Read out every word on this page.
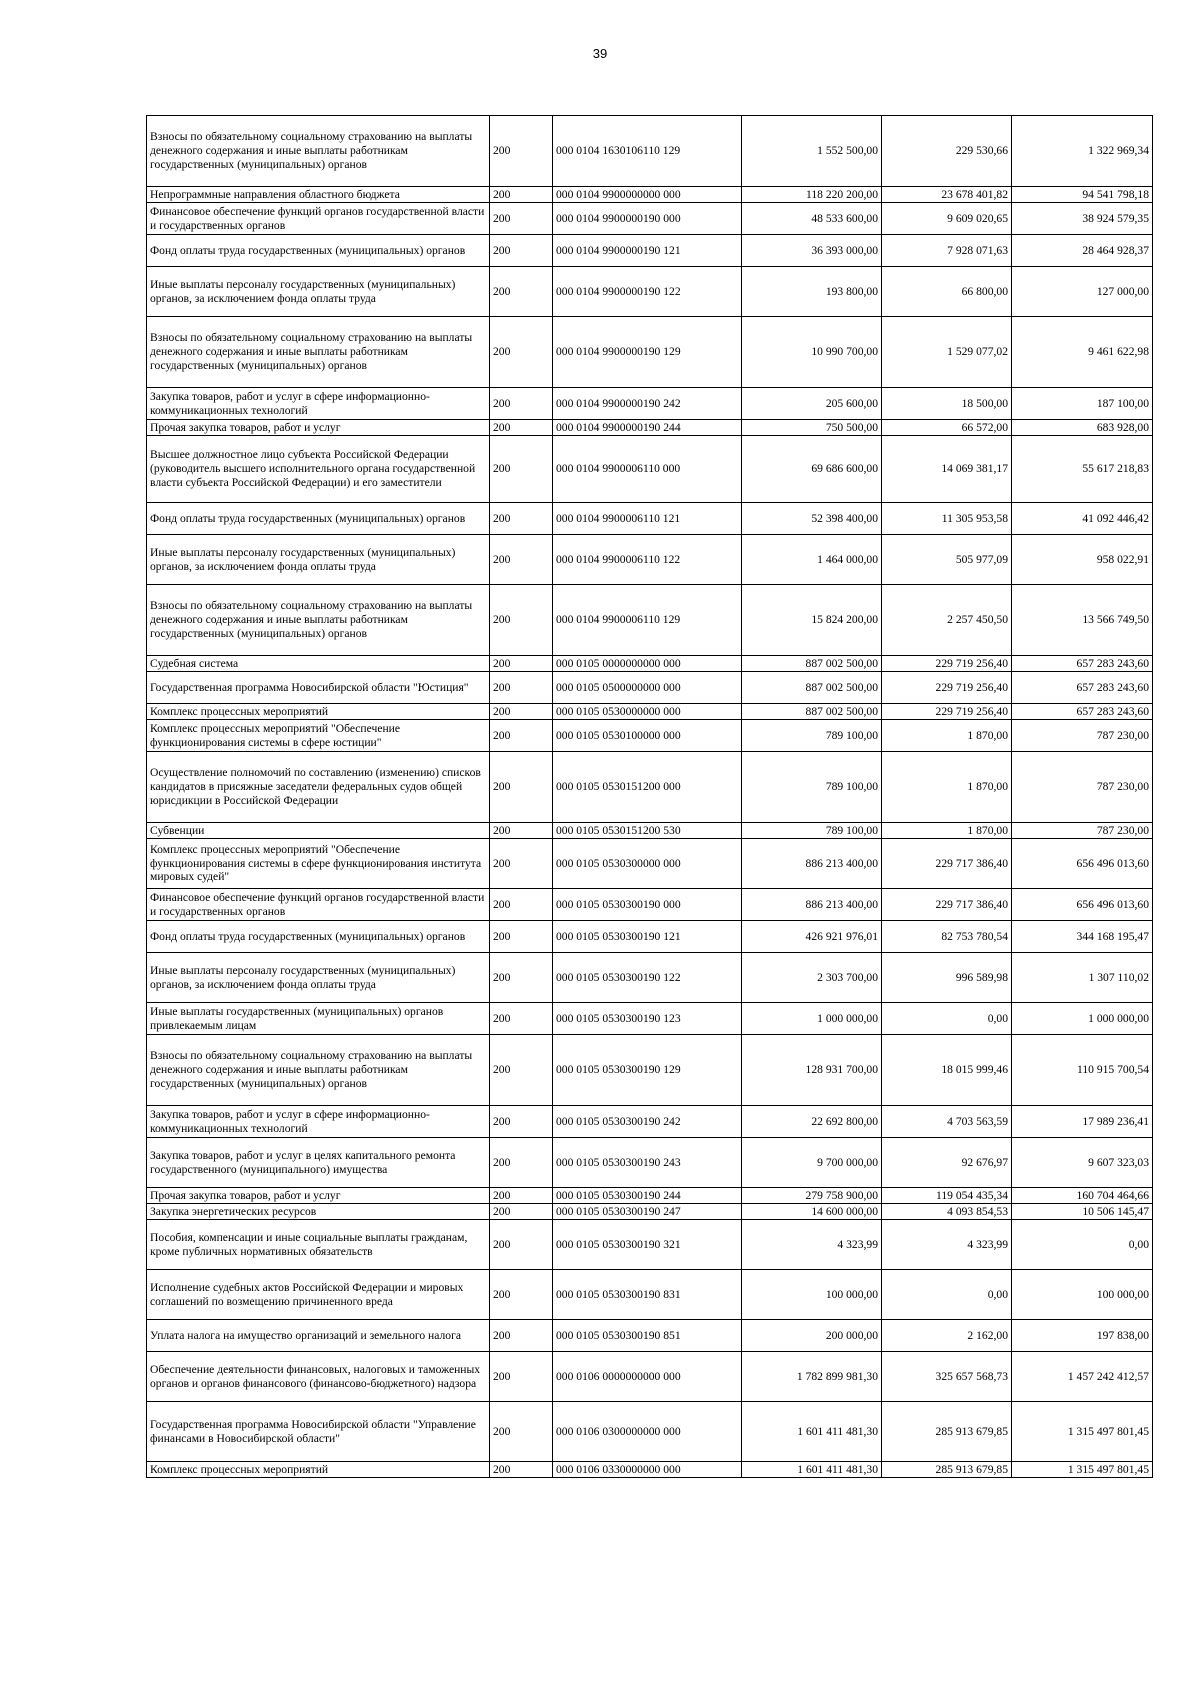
39
Взносы по обязательному социальному страхованию на выплаты денежного содержания и иные выплаты работникам государственных (муниципальных) органов	200	000 0104 1630106110 129	1 552 500,00	229 530,66	1 322 969,34
Непрограммные направления областного бюджета	200	000 0104 9900000000 000	118 220 200,00	23 678 401,82	94 541 798,18
Финансовое обеспечение функций органов государственной власти и государственных органов	200	000 0104 9900000190 000	48 533 600,00	9 609 020,65	38 924 579,35
Фонд оплаты труда государственных (муниципальных) органов	200	000 0104 9900000190 121	36 393 000,00	7 928 071,63	28 464 928,37
Иные выплаты персоналу государственных (муниципальных) органов, за исключением фонда оплаты труда	200	000 0104 9900000190 122	193 800,00	66 800,00	127 000,00
Взносы по обязательному социальному страхованию на выплаты денежного содержания и иные выплаты работникам государственных (муниципальных) органов	200	000 0104 9900000190 129	10 990 700,00	1 529 077,02	9 461 622,98
Закупка товаров, работ и услуг в сфере информационно-коммуникационных технологий	200	000 0104 9900000190 242	205 600,00	18 500,00	187 100,00
Прочая закупка товаров, работ и услуг	200	000 0104 9900000190 244	750 500,00	66 572,00	683 928,00
Высшее должностное лицо субъекта Российской Федерации (руководитель высшего исполнительного органа государственной власти субъекта Российской Федерации) и его заместители	200	000 0104 9900006110 000	69 686 600,00	14 069 381,17	55 617 218,83
Фонд оплаты труда государственных (муниципальных) органов	200	000 0104 9900006110 121	52 398 400,00	11 305 953,58	41 092 446,42
Иные выплаты персоналу государственных (муниципальных) органов, за исключением фонда оплаты труда	200	000 0104 9900006110 122	1 464 000,00	505 977,09	958 022,91
Взносы по обязательному социальному страхованию на выплаты денежного содержания и иные выплаты работникам государственных (муниципальных) органов	200	000 0104 9900006110 129	15 824 200,00	2 257 450,50	13 566 749,50
Судебная система	200	000 0105 0000000000 000	887 002 500,00	229 719 256,40	657 283 243,60
Государственная программа Новосибирской области "Юстиция"	200	000 0105 0500000000 000	887 002 500,00	229 719 256,40	657 283 243,60
Комплекс процессных мероприятий	200	000 0105 0530000000 000	887 002 500,00	229 719 256,40	657 283 243,60
Комплекс процессных мероприятий "Обеспечение функционирования системы в сфере юстиции"	200	000 0105 0530100000 000	789 100,00	1 870,00	787 230,00
Осуществление полномочий по составлению (изменению) списков кандидатов в присяжные заседатели федеральных судов общей юрисдикции в Российской Федерации	200	000 0105 0530151200 000	789 100,00	1 870,00	787 230,00
Субвенции	200	000 0105 0530151200 530	789 100,00	1 870,00	787 230,00
Комплекс процессных мероприятий "Обеспечение функционирования системы в сфере функционирования института мировых судей"	200	000 0105 0530300000 000	886 213 400,00	229 717 386,40	656 496 013,60
Финансовое обеспечение функций органов государственной власти и государственных органов	200	000 0105 0530300190 000	886 213 400,00	229 717 386,40	656 496 013,60
Фонд оплаты труда государственных (муниципальных) органов	200	000 0105 0530300190 121	426 921 976,01	82 753 780,54	344 168 195,47
Иные выплаты персоналу государственных (муниципальных) органов, за исключением фонда оплаты труда	200	000 0105 0530300190 122	2 303 700,00	996 589,98	1 307 110,02
Иные выплаты государственных (муниципальных) органов привлекаемым лицам	200	000 0105 0530300190 123	1 000 000,00	0,00	1 000 000,00
Взносы по обязательному социальному страхованию на выплаты денежного содержания и иные выплаты работникам государственных (муниципальных) органов	200	000 0105 0530300190 129	128 931 700,00	18 015 999,46	110 915 700,54
Закупка товаров, работ и услуг в сфере информационно-коммуникационных технологий	200	000 0105 0530300190 242	22 692 800,00	4 703 563,59	17 989 236,41
Закупка товаров, работ и услуг в целях капитального ремонта государственного (муниципального) имущества	200	000 0105 0530300190 243	9 700 000,00	92 676,97	9 607 323,03
Прочая закупка товаров, работ и услуг	200	000 0105 0530300190 244	279 758 900,00	119 054 435,34	160 704 464,66
Закупка энергетических ресурсов	200	000 0105 0530300190 247	14 600 000,00	4 093 854,53	10 506 145,47
Пособия, компенсации и иные социальные выплаты гражданам, кроме публичных нормативных обязательств	200	000 0105 0530300190 321	4 323,99	4 323,99	0,00
Исполнение судебных актов Российской Федерации и мировых соглашений по возмещению причиненного вреда	200	000 0105 0530300190 831	100 000,00	0,00	100 000,00
Уплата налога на имущество организаций и земельного налога	200	000 0105 0530300190 851	200 000,00	2 162,00	197 838,00
Обеспечение деятельности финансовых, налоговых и таможенных органов и органов финансового (финансово-бюджетного) надзора	200	000 0106 0000000000 000	1 782 899 981,30	325 657 568,73	1 457 242 412,57
Государственная программа Новосибирской области "Управление финансами в Новосибирской области"	200	000 0106 0300000000 000	1 601 411 481,30	285 913 679,85	1 315 497 801,45
Комплекс процессных мероприятий	200	000 0106 0330000000 000	1 601 411 481,30	285 913 679,85	1 315 497 801,45
